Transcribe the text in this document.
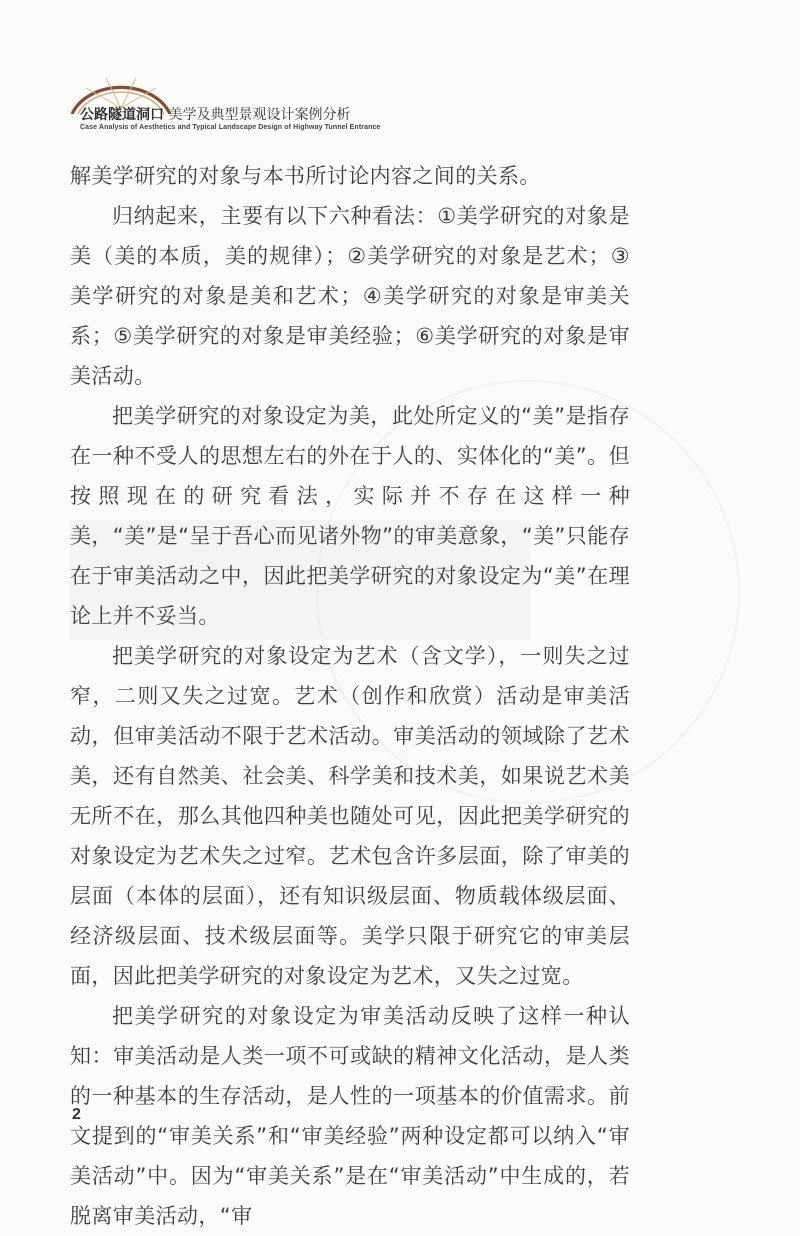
公路隧道洞口 美学及典型景观设计案例分析
Case Analysis of Aesthetics and Typical Landscape Design of Highway Tunnel Entrance

解美学研究的对象与本书所讨论内容之间的关系。

归纳起来，主要有以下六种看法：①美学研究的对象是美（美的本质，美的规律）；②美学研究的对象是艺术；③美学研究的对象是美和艺术；④美学研究的对象是审美关系；⑤美学研究的对象是审美经验；⑥美学研究的对象是审美活动。

把美学研究的对象设定为美，此处所定义的“美”是指存在一种不受人的思想左右的外在于人的、实体化的“美”。但按照现在的研究看法，实际并不存在这样一种美，“美”是“呈于吾心而见诸外物”的审美意象，“美”只能存在于审美活动之中，因此把美学研究的对象设定为“美”在理论上并不妥当。

把美学研究的对象设定为艺术（含文学），一则失之过窄，二则又失之过宽。艺术（创作和欣赏）活动是审美活动，但审美活动不限于艺术活动。审美活动的领域除了艺术美，还有自然美、社会美、科学美和技术美，如果说艺术美无所不在，那么其他四种美也随处可见，因此把美学研究的对象设定为艺术失之过窄。艺术包含许多层面，除了审美的层面（本体的层面），还有知识级层面、物质载体级层面、经济级层面、技术级层面等。美学只限于研究它的审美层面，因此把美学研究的对象设定为艺术，又失之过宽。

把美学研究的对象设定为审美活动反映了这样一种认知：审美活动是人类一项不可或缺的精神文化活动，是人类的一种基本的生存活动，是人性的一项基本的价值需求。前文提到的“审美关系”和“审美经验”两种设定都可以纳入“审美活动”中。因为“审美关系”是在“审美活动”中生成的，若脱离审美活动，“审

2
